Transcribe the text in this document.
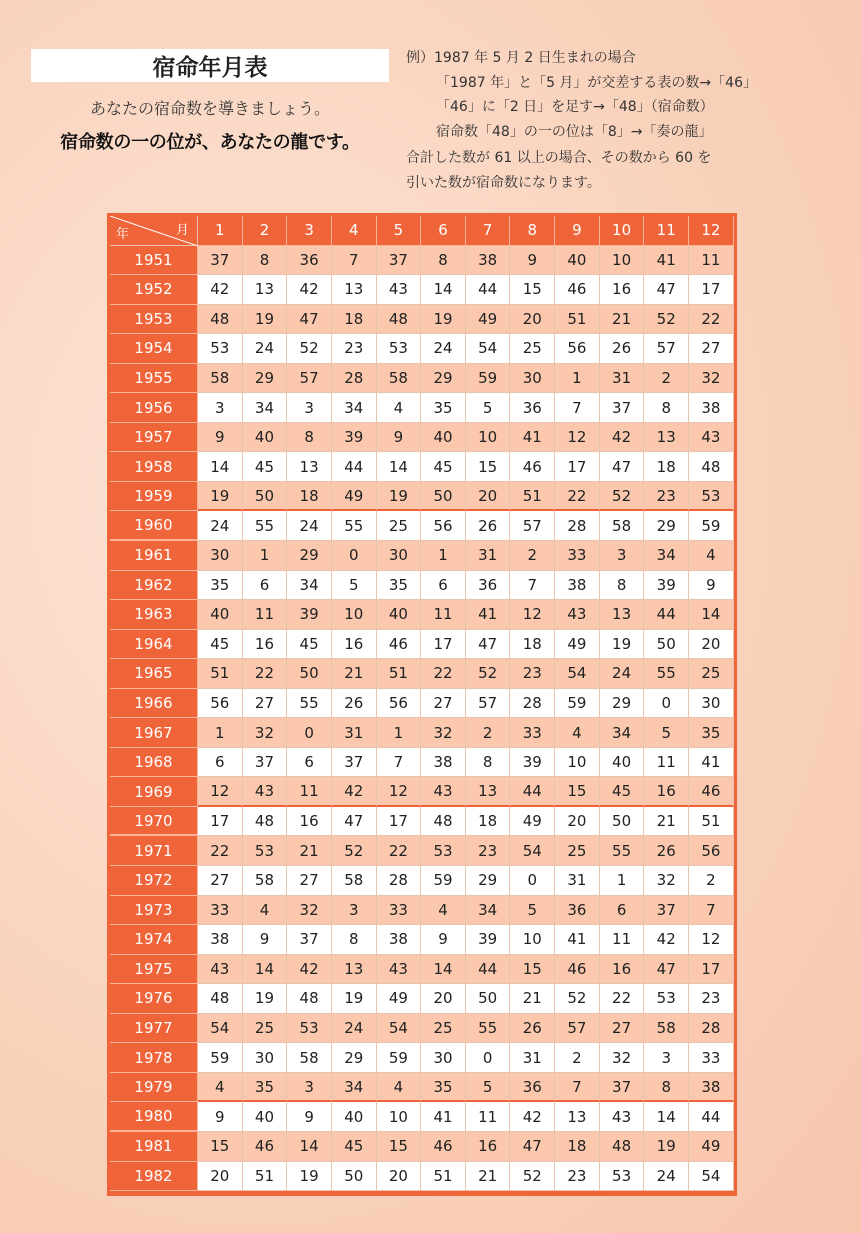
宿命年月表
あなたの宿命数を導きましょう。
宿命数の一の位が、あなたの龍です。
例）1987 年 5 月 2 日生まれの場合
「1987 年」と「5 月」が交差する表の数→「46」
「46」に「2 日」を足す→「48」（宿命数）
宿命数「48」の一の位は「8」→「奏の龍」
合計した数が 61 以上の場合、その数から 60 を
引いた数が宿命数になります。
月
年	1	2	3	4	5	6	7	8	9	10	11	12
1951	37	8	36	7	37	8	38	9	40	10	41	11
1952	42	13	42	13	43	14	44	15	46	16	47	17
1953	48	19	47	18	48	19	49	20	51	21	52	22
1954	53	24	52	23	53	24	54	25	56	26	57	27
1955	58	29	57	28	58	29	59	30	1	31	2	32
1956	3	34	3	34	4	35	5	36	7	37	8	38
1957	9	40	8	39	9	40	10	41	12	42	13	43
1958	14	45	13	44	14	45	15	46	17	47	18	48
1959	19	50	18	49	19	50	20	51	22	52	23	53
1960	24	55	24	55	25	56	26	57	28	58	29	59
1961	30	1	29	0	30	1	31	2	33	3	34	4
1962	35	6	34	5	35	6	36	7	38	8	39	9
1963	40	11	39	10	40	11	41	12	43	13	44	14
1964	45	16	45	16	46	17	47	18	49	19	50	20
1965	51	22	50	21	51	22	52	23	54	24	55	25
1966	56	27	55	26	56	27	57	28	59	29	0	30
1967	1	32	0	31	1	32	2	33	4	34	5	35
1968	6	37	6	37	7	38	8	39	10	40	11	41
1969	12	43	11	42	12	43	13	44	15	45	16	46
1970	17	48	16	47	17	48	18	49	20	50	21	51
1971	22	53	21	52	22	53	23	54	25	55	26	56
1972	27	58	27	58	28	59	29	0	31	1	32	2
1973	33	4	32	3	33	4	34	5	36	6	37	7
1974	38	9	37	8	38	9	39	10	41	11	42	12
1975	43	14	42	13	43	14	44	15	46	16	47	17
1976	48	19	48	19	49	20	50	21	52	22	53	23
1977	54	25	53	24	54	25	55	26	57	27	58	28
1978	59	30	58	29	59	30	0	31	2	32	3	33
1979	4	35	3	34	4	35	5	36	7	37	8	38
1980	9	40	9	40	10	41	11	42	13	43	14	44
1981	15	46	14	45	15	46	16	47	18	48	19	49
1982	20	51	19	50	20	51	21	52	23	53	24	54
